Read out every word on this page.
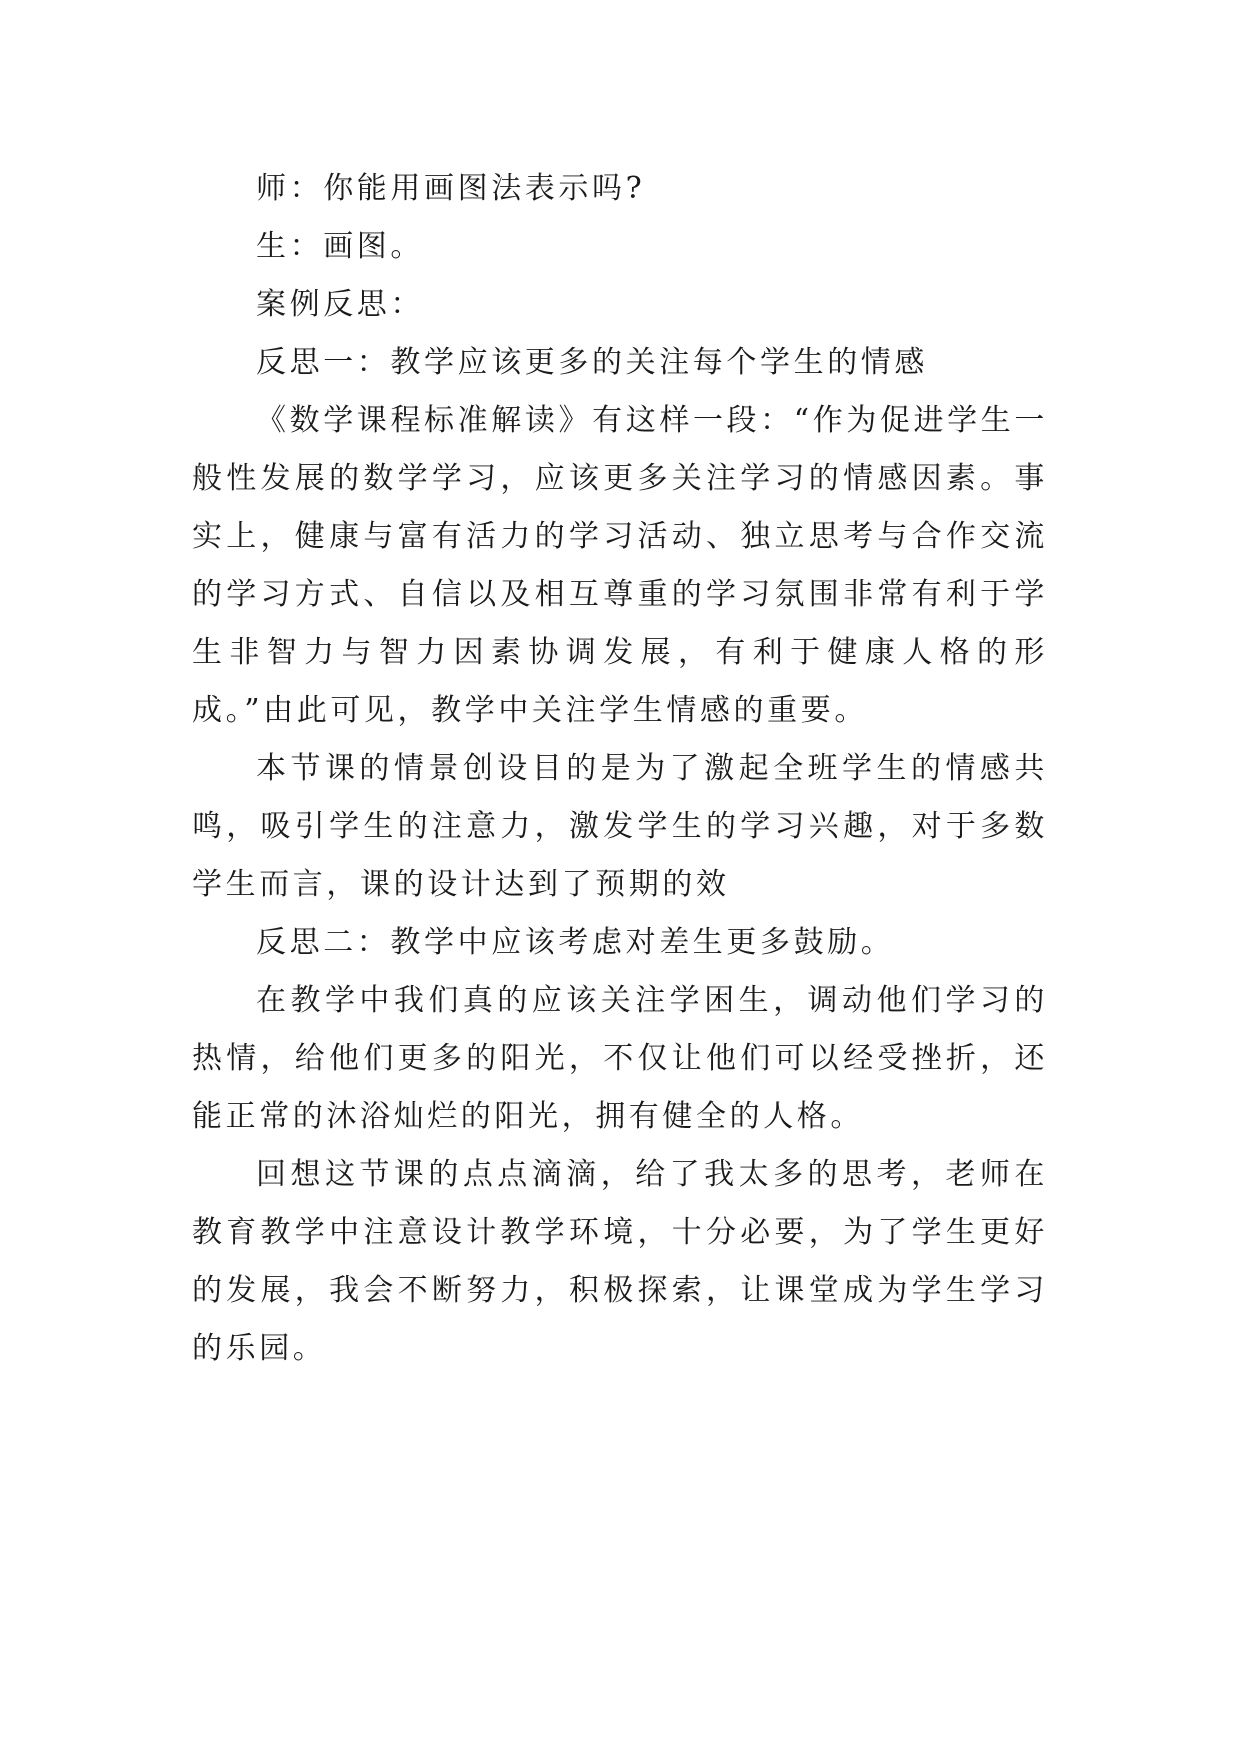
师：你能用画图法表示吗?

生：画图。

案例反思：

反思一：教学应该更多的关注每个学生的情感

《数学课程标准解读》有这样一段：“作为促进学生一般性发展的数学学习，应该更多关注学习的情感因素。事实上，健康与富有活力的学习活动、独立思考与合作交流的学习方式、自信以及相互尊重的学习氛围非常有利于学生非智力与智力因素协调发展，有利于健康人格的形成。”由此可见，教学中关注学生情感的重要。

本节课的情景创设目的是为了激起全班学生的情感共鸣，吸引学生的注意力，激发学生的学习兴趣，对于多数学生而言，课的设计达到了预期的效

反思二：教学中应该考虑对差生更多鼓励。

在教学中我们真的应该关注学困生，调动他们学习的热情，给他们更多的阳光，不仅让他们可以经受挫折，还能正常的沐浴灿烂的阳光，拥有健全的人格。

回想这节课的点点滴滴，给了我太多的思考，老师在教育教学中注意设计教学环境，十分必要，为了学生更好的发展，我会不断努力，积极探索，让课堂成为学生学习的乐园。
